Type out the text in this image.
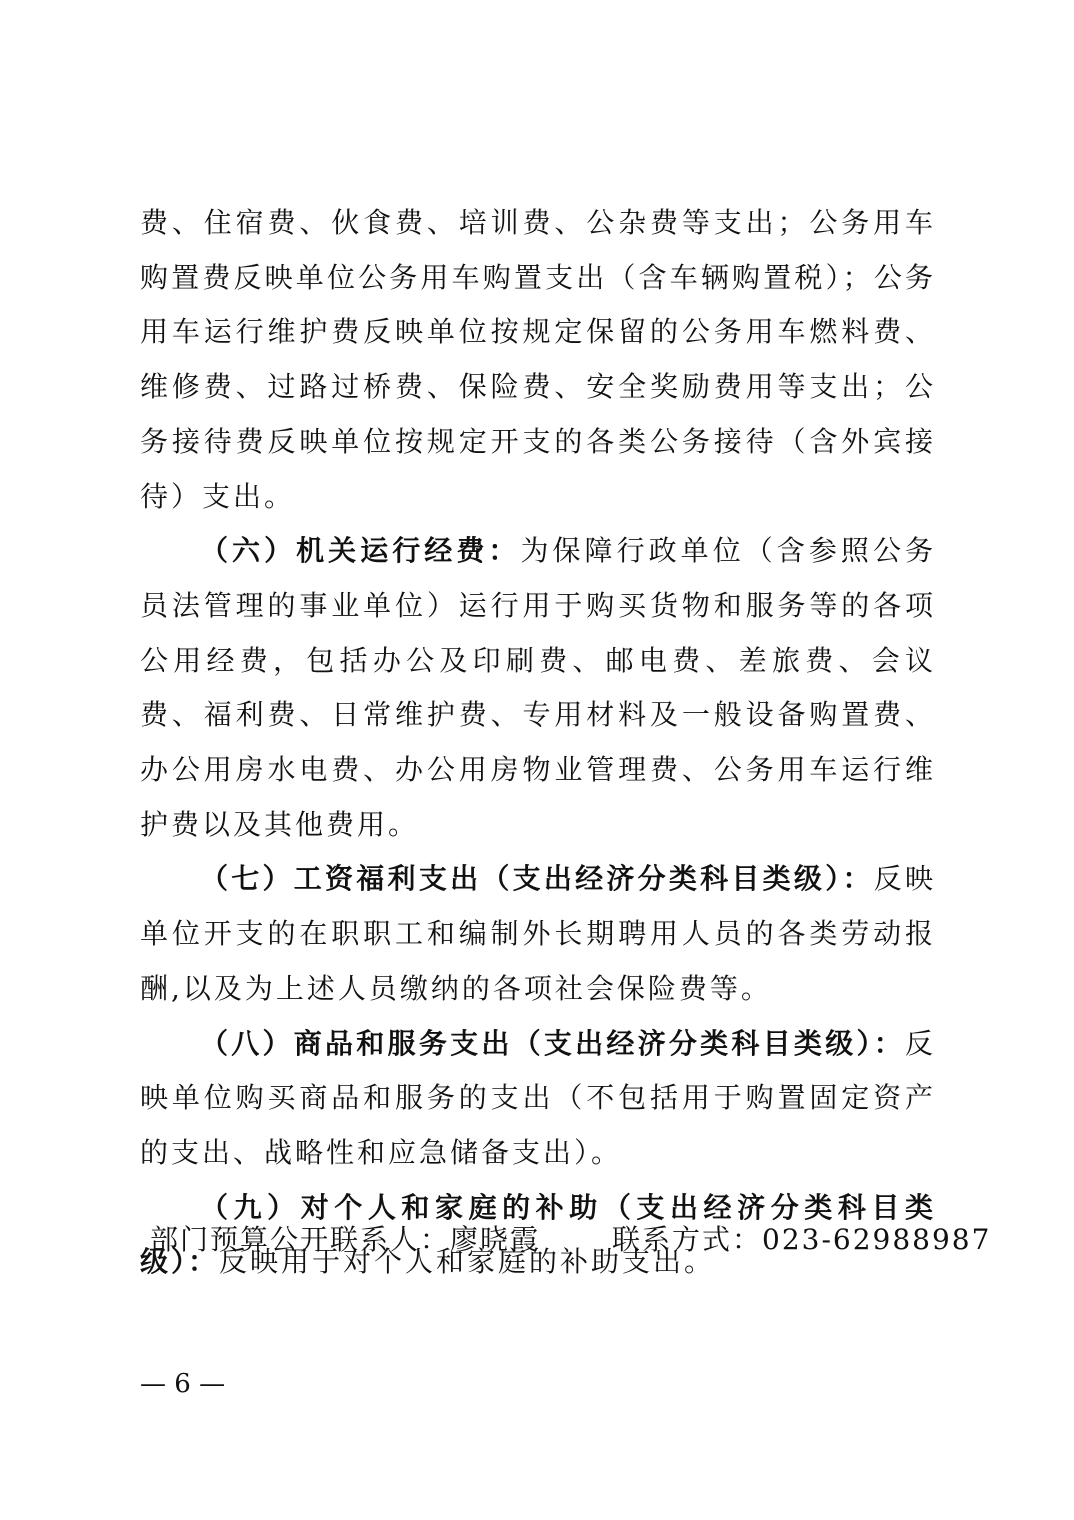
费、住宿费、伙食费、培训费、公杂费等支出；公务用车购置费反映单位公务用车购置支出（含车辆购置税）；公务用车运行维护费反映单位按规定保留的公务用车燃料费、维修费、过路过桥费、保险费、安全奖励费用等支出；公务接待费反映单位按规定开支的各类公务接待（含外宾接待）支出。

（六）机关运行经费：为保障行政单位（含参照公务员法管理的事业单位）运行用于购买货物和服务等的各项公用经费，包括办公及印刷费、邮电费、差旅费、会议费、福利费、日常维护费、专用材料及一般设备购置费、办公用房水电费、办公用房物业管理费、公务用车运行维护费以及其他费用。

（七）工资福利支出（支出经济分类科目类级）：反映单位开支的在职职工和编制外长期聘用人员的各类劳动报酬,以及为上述人员缴纳的各项社会保险费等。

（八）商品和服务支出（支出经济分类科目类级）：反映单位购买商品和服务的支出（不包括用于购置固定资产的支出、战略性和应急储备支出）。

（九）对个人和家庭的补助（支出经济分类科目类级）：反映用于对个人和家庭的补助支出。

部门预算公开联系人：廖晓霞	联系方式：023-62988987
— 6 —
